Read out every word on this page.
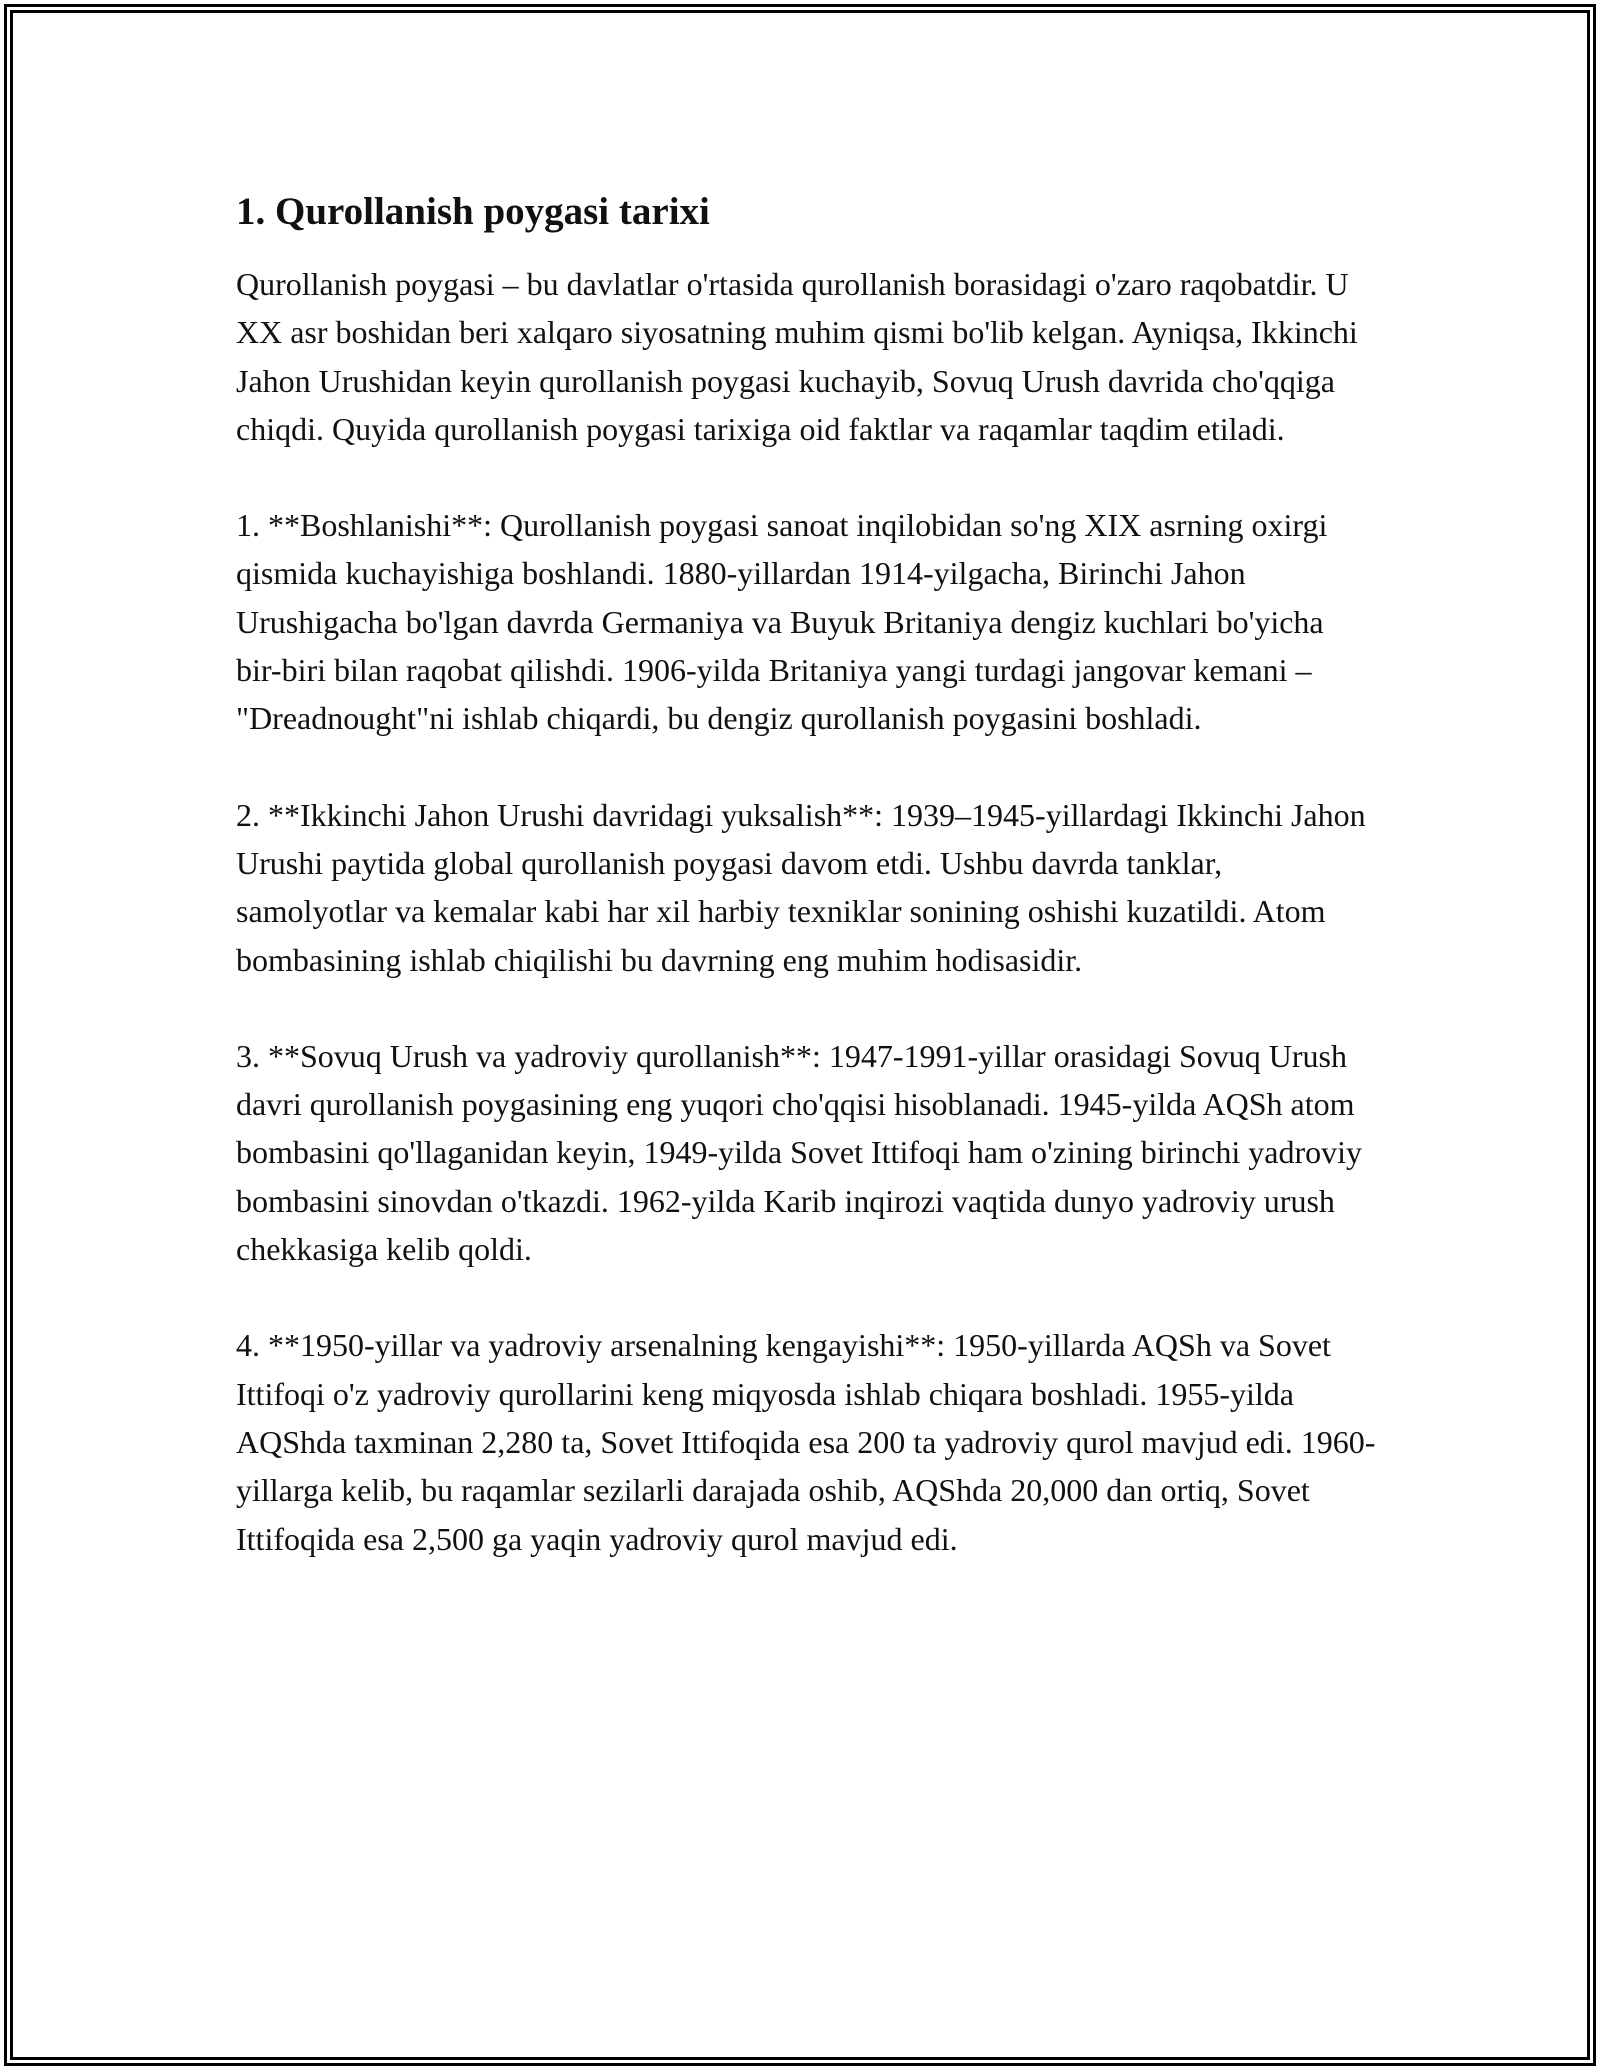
1. Qurollanish poygasi tarixi

Qurollanish poygasi – bu davlatlar o'rtasida qurollanish borasidagi o'zaro raqobatdir. U XX asr boshidan beri xalqaro siyosatning muhim qismi bo'lib kelgan. Ayniqsa, Ikkinchi Jahon Urushidan keyin qurollanish poygasi kuchayib, Sovuq Urush davrida cho'qqiga chiqdi. Quyida qurollanish poygasi tarixiga oid faktlar va raqamlar taqdim etiladi.

1. **Boshlanishi**: Qurollanish poygasi sanoat inqilobidan so'ng XIX asrning oxirgi qismida kuchayishiga boshlandi. 1880-yillardan 1914-yilgacha, Birinchi Jahon Urushigacha bo'lgan davrda Germaniya va Buyuk Britaniya dengiz kuchlari bo'yicha bir-biri bilan raqobat qilishdi. 1906-yilda Britaniya yangi turdagi jangovar kemani – "Dreadnought"ni ishlab chiqardi, bu dengiz qurollanish poygasini boshladi.

2. **Ikkinchi Jahon Urushi davridagi yuksalish**: 1939–1945-yillardagi Ikkinchi Jahon Urushi paytida global qurollanish poygasi davom etdi. Ushbu davrda tanklar, samolyotlar va kemalar kabi har xil harbiy texniklar sonining oshishi kuzatildi. Atom bombasining ishlab chiqilishi bu davrning eng muhim hodisasidir.

3. **Sovuq Urush va yadroviy qurollanish**: 1947-1991-yillar orasidagi Sovuq Urush davri qurollanish poygasining eng yuqori cho'qqisi hisoblanadi. 1945-yilda AQSh atom bombasini qo'llaganidan keyin, 1949-yilda Sovet Ittifoqi ham o'zining birinchi yadroviy bombasini sinovdan o'tkazdi. 1962-yilda Karib inqirozi vaqtida dunyo yadroviy urush chekkasiga kelib qoldi.

4. **1950-yillar va yadroviy arsenalning kengayishi**: 1950-yillarda AQSh va Sovet Ittifoqi o'z yadroviy qurollarini keng miqyosda ishlab chiqara boshladi. 1955-yilda AQShda taxminan 2,280 ta, Sovet Ittifoqida esa 200 ta yadroviy qurol mavjud edi. 1960-yillarga kelib, bu raqamlar sezilarli darajada oshib, AQShda 20,000 dan ortiq, Sovet Ittifoqida esa 2,500 ga yaqin yadroviy qurol mavjud edi.
